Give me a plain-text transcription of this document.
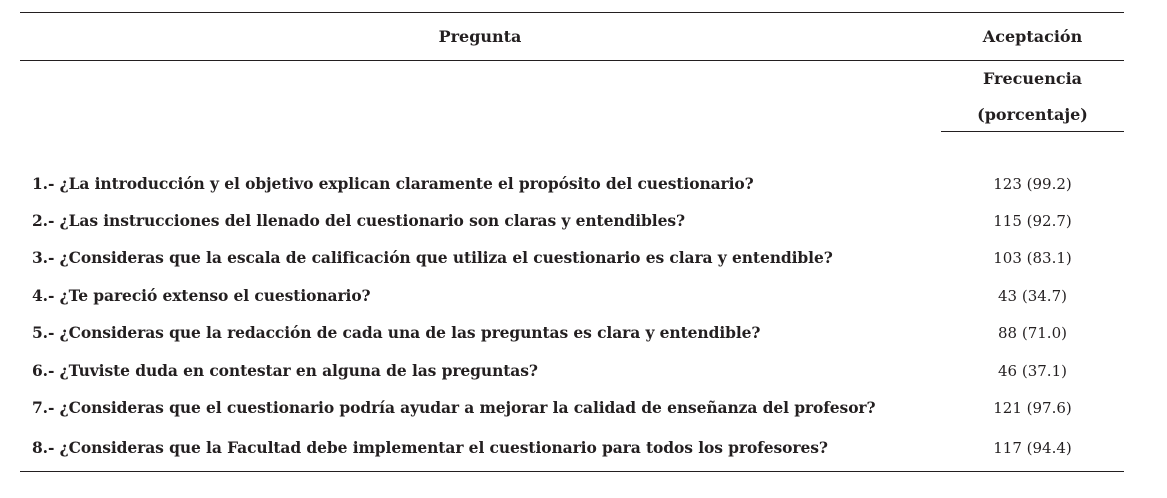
Pregunta	Aceptación
Frecuencia
(porcentaje)
1.- ¿La introducción y el objetivo explican claramente el propósito del cuestionario?	123 (99.2)
2.- ¿Las instrucciones del llenado del cuestionario son claras y entendibles?	115 (92.7)
3.- ¿Consideras que la escala de calificación que utiliza el cuestionario es clara y entendible?	103 (83.1)
4.- ¿Te pareció extenso el cuestionario?	43 (34.7)
5.- ¿Consideras que la redacción de cada una de las preguntas es clara y entendible?	88 (71.0)
6.- ¿Tuviste duda en contestar en alguna de las preguntas?	46 (37.1)
7.- ¿Consideras que el cuestionario podría ayudar a mejorar la calidad de enseñanza del profesor?	121 (97.6)
8.- ¿Consideras que la Facultad debe implementar el cuestionario para todos los profesores?	117 (94.4)
